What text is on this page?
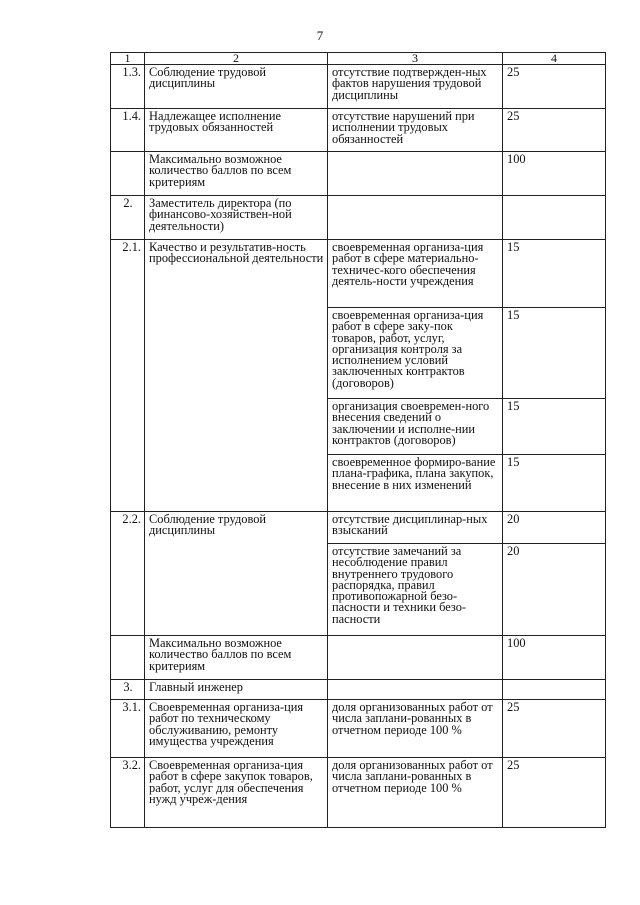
7
1	2	3	4
1.3.	Соблюдение трудовой дисциплины	отсутствие подтвержден-ных фактов нарушения трудовой дисциплины	25
1.4.	Надлежащее исполнение трудовых обязанностей	отсутствие нарушений при исполнении трудовых обязанностей	25
	Максимально возможное количество баллов по всем критериям		100
2.	Заместитель директора (по финансово-хозяйствен-ной деятельности)		
2.1.	Качество и результатив-ность профессиональной деятельности	своевременная организа-ция работ в сфере материально-техничес-кого обеспечения деятель-ности учреждения	15
		своевременная организа-ция работ в сфере заку-пок товаров, работ, услуг, организация контроля за исполнением условий заключенных контрактов (договоров)	15
		организация своевремен-ного внесения сведений о заключении и исполне-нии контрактов (договоров)	15
		своевременное формиро-вание плана-графика, плана закупок, внесение в них изменений	15
2.2.	Соблюдение трудовой дисциплины	отсутствие дисциплинар-ных взысканий	20
		отсутствие замечаний за несоблюдение правил внутреннего трудового распорядка, правил противопожарной безо-пасности и техники безо-пасности	20
	Максимально возможное количество баллов по всем критериям		100
3.	Главный инженер		
3.1.	Своевременная организа-ция работ по техническому обслуживанию, ремонту имущества учреждения	доля организованных работ от числа заплани-рованных в отчетном периоде 100 %	25
3.2.	Своевременная организа-ция работ в сфере закупок товаров, работ, услуг для обеспечения нужд учреж-дения	доля организованных работ от числа заплани-рованных в отчетном периоде 100 %	25
